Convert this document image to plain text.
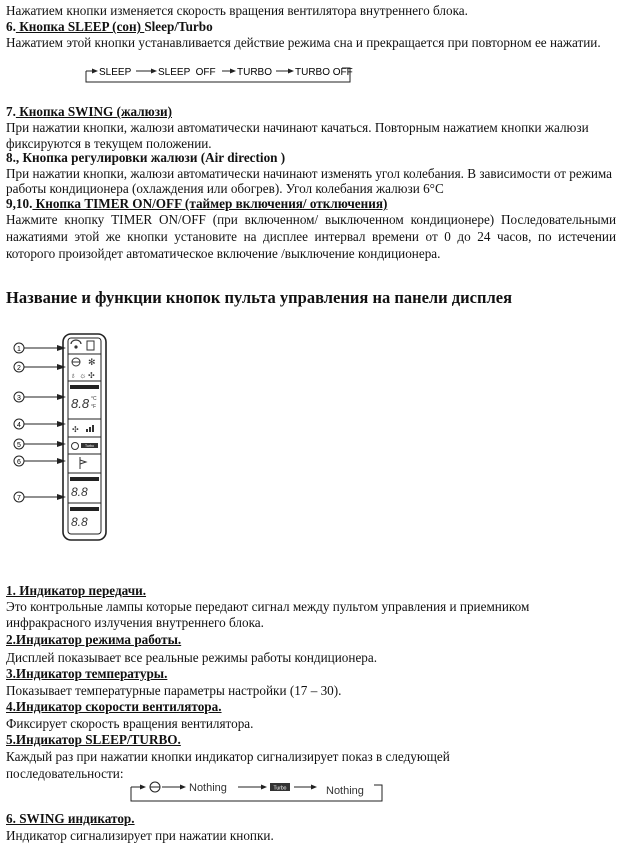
Нажатием кнопки изменяется скорость вращения вентилятора внутреннего блока.
6. Кнопка SLEEP (сон) Sleep/Turbo
Нажатием этой кнопки устанавливается действие режима сна и прекращается при повторном ее нажатии.
SLEEP	SLEEP  OFF TURBO TURBO OFF
7. Кнопка SWING (жалюзи)
При нажатии кнопки, жалюзи автоматически начинают качаться. Повторным нажатием кнопки жалюзи
фиксируются в текущем положении.
8., Кнопка регулировки жалюзи (Air direction )
При нажатии кнопки, жалюзи автоматически начинают изменять угол колебания. В зависимости от режима
работы кондиционера (охлаждения или обогрев). Угол колебания жалюзи 6°C
9,10. Кнопка TIMER ON/OFF (таймер включения/ отключения)
Нажмите кнопку TIMER ON/OFF (при включенном/ выключенном кондиционере) Последовательными нажатиями этой же кнопки установите на дисплее интервал времени от 0 до 24 часов, по истечении которого произойдет автоматическое включение /выключение кондиционера.
Название и функции кнопок пульта управления на панели дисплея
1
2
3
4
5
6
7
✻
♁ ☼ ✣
8.8 °C
°F
✣
Turbo
8.8
8.8
1. Индикатор передачи.
Это контрольные лампы которые передают сигнал между пультом управления и приемником
инфракрасного излучения внутреннего блока.
2.Индикатор режима работы.
Дисплей показывает все реальные режимы работы кондиционера.
3.Индикатор температуры.
Показывает температурные параметры настройки (17 – 30).
4.Индикатор скорости вентилятора.
Фиксирует скорость вращения вентилятора.
5.Индикатор SLEEP/TURBO.
Каждый раз при нажатии кнопки индикатор сигнализирует показ в следующей
последовательности:
Nothing	Turbo	Nothing
6. SWING индикатор.
Индикатор сигнализирует при нажатии кнопки.
